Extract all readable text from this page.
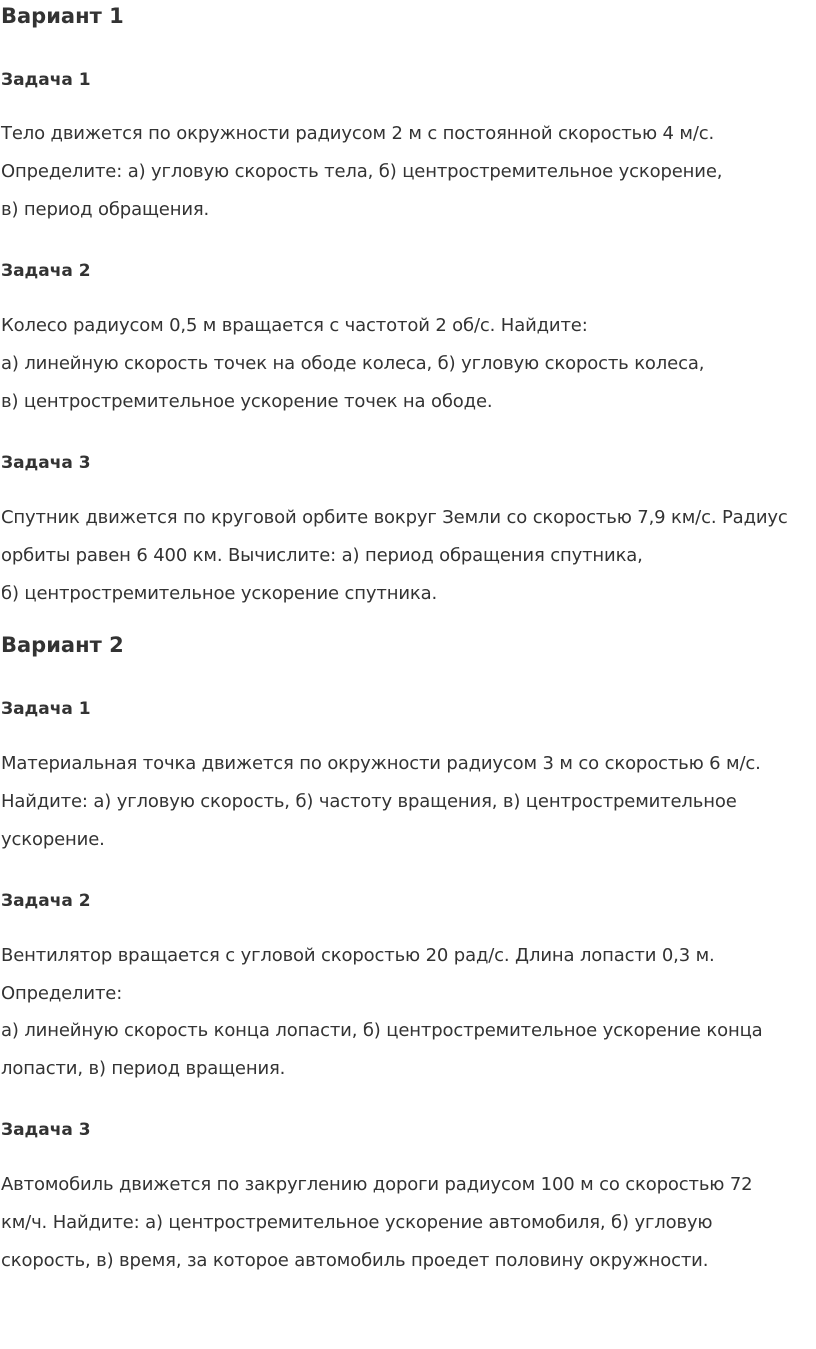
Вариант 1
Задача 1
Тело движется по окружности радиусом 2 м с постоянной скоростью 4 м/с.
Определите: а) угловую скорость тела, б) центростремительное ускорение,
в) период обращения.
Задача 2
Колесо радиусом 0,5 м вращается с частотой 2 об/с. Найдите:
а) линейную скорость точек на ободе колеса, б) угловую скорость колеса,
в) центростремительное ускорение точек на ободе.
Задача 3
Спутник движется по круговой орбите вокруг Земли со скоростью 7,9 км/с. Радиус
орбиты равен 6 400 км. Вычислите: а) период обращения спутника,
б) центростремительное ускорение спутника.
Вариант 2
Задача 1
Материальная точка движется по окружности радиусом 3 м со скоростью 6 м/с.
Найдите: а) угловую скорость, б) частоту вращения, в) центростремительное
ускорение.
Задача 2
Вентилятор вращается с угловой скоростью 20 рад/с. Длина лопасти 0,3 м.
Определите:
а) линейную скорость конца лопасти, б) центростремительное ускорение конца
лопасти, в) период вращения.
Задача 3
Автомобиль движется по закруглению дороги радиусом 100 м со скоростью 72
км/ч. Найдите: а) центростремительное ускорение автомобиля, б) угловую
скорость, в) время, за которое автомобиль проедет половину окружности.
